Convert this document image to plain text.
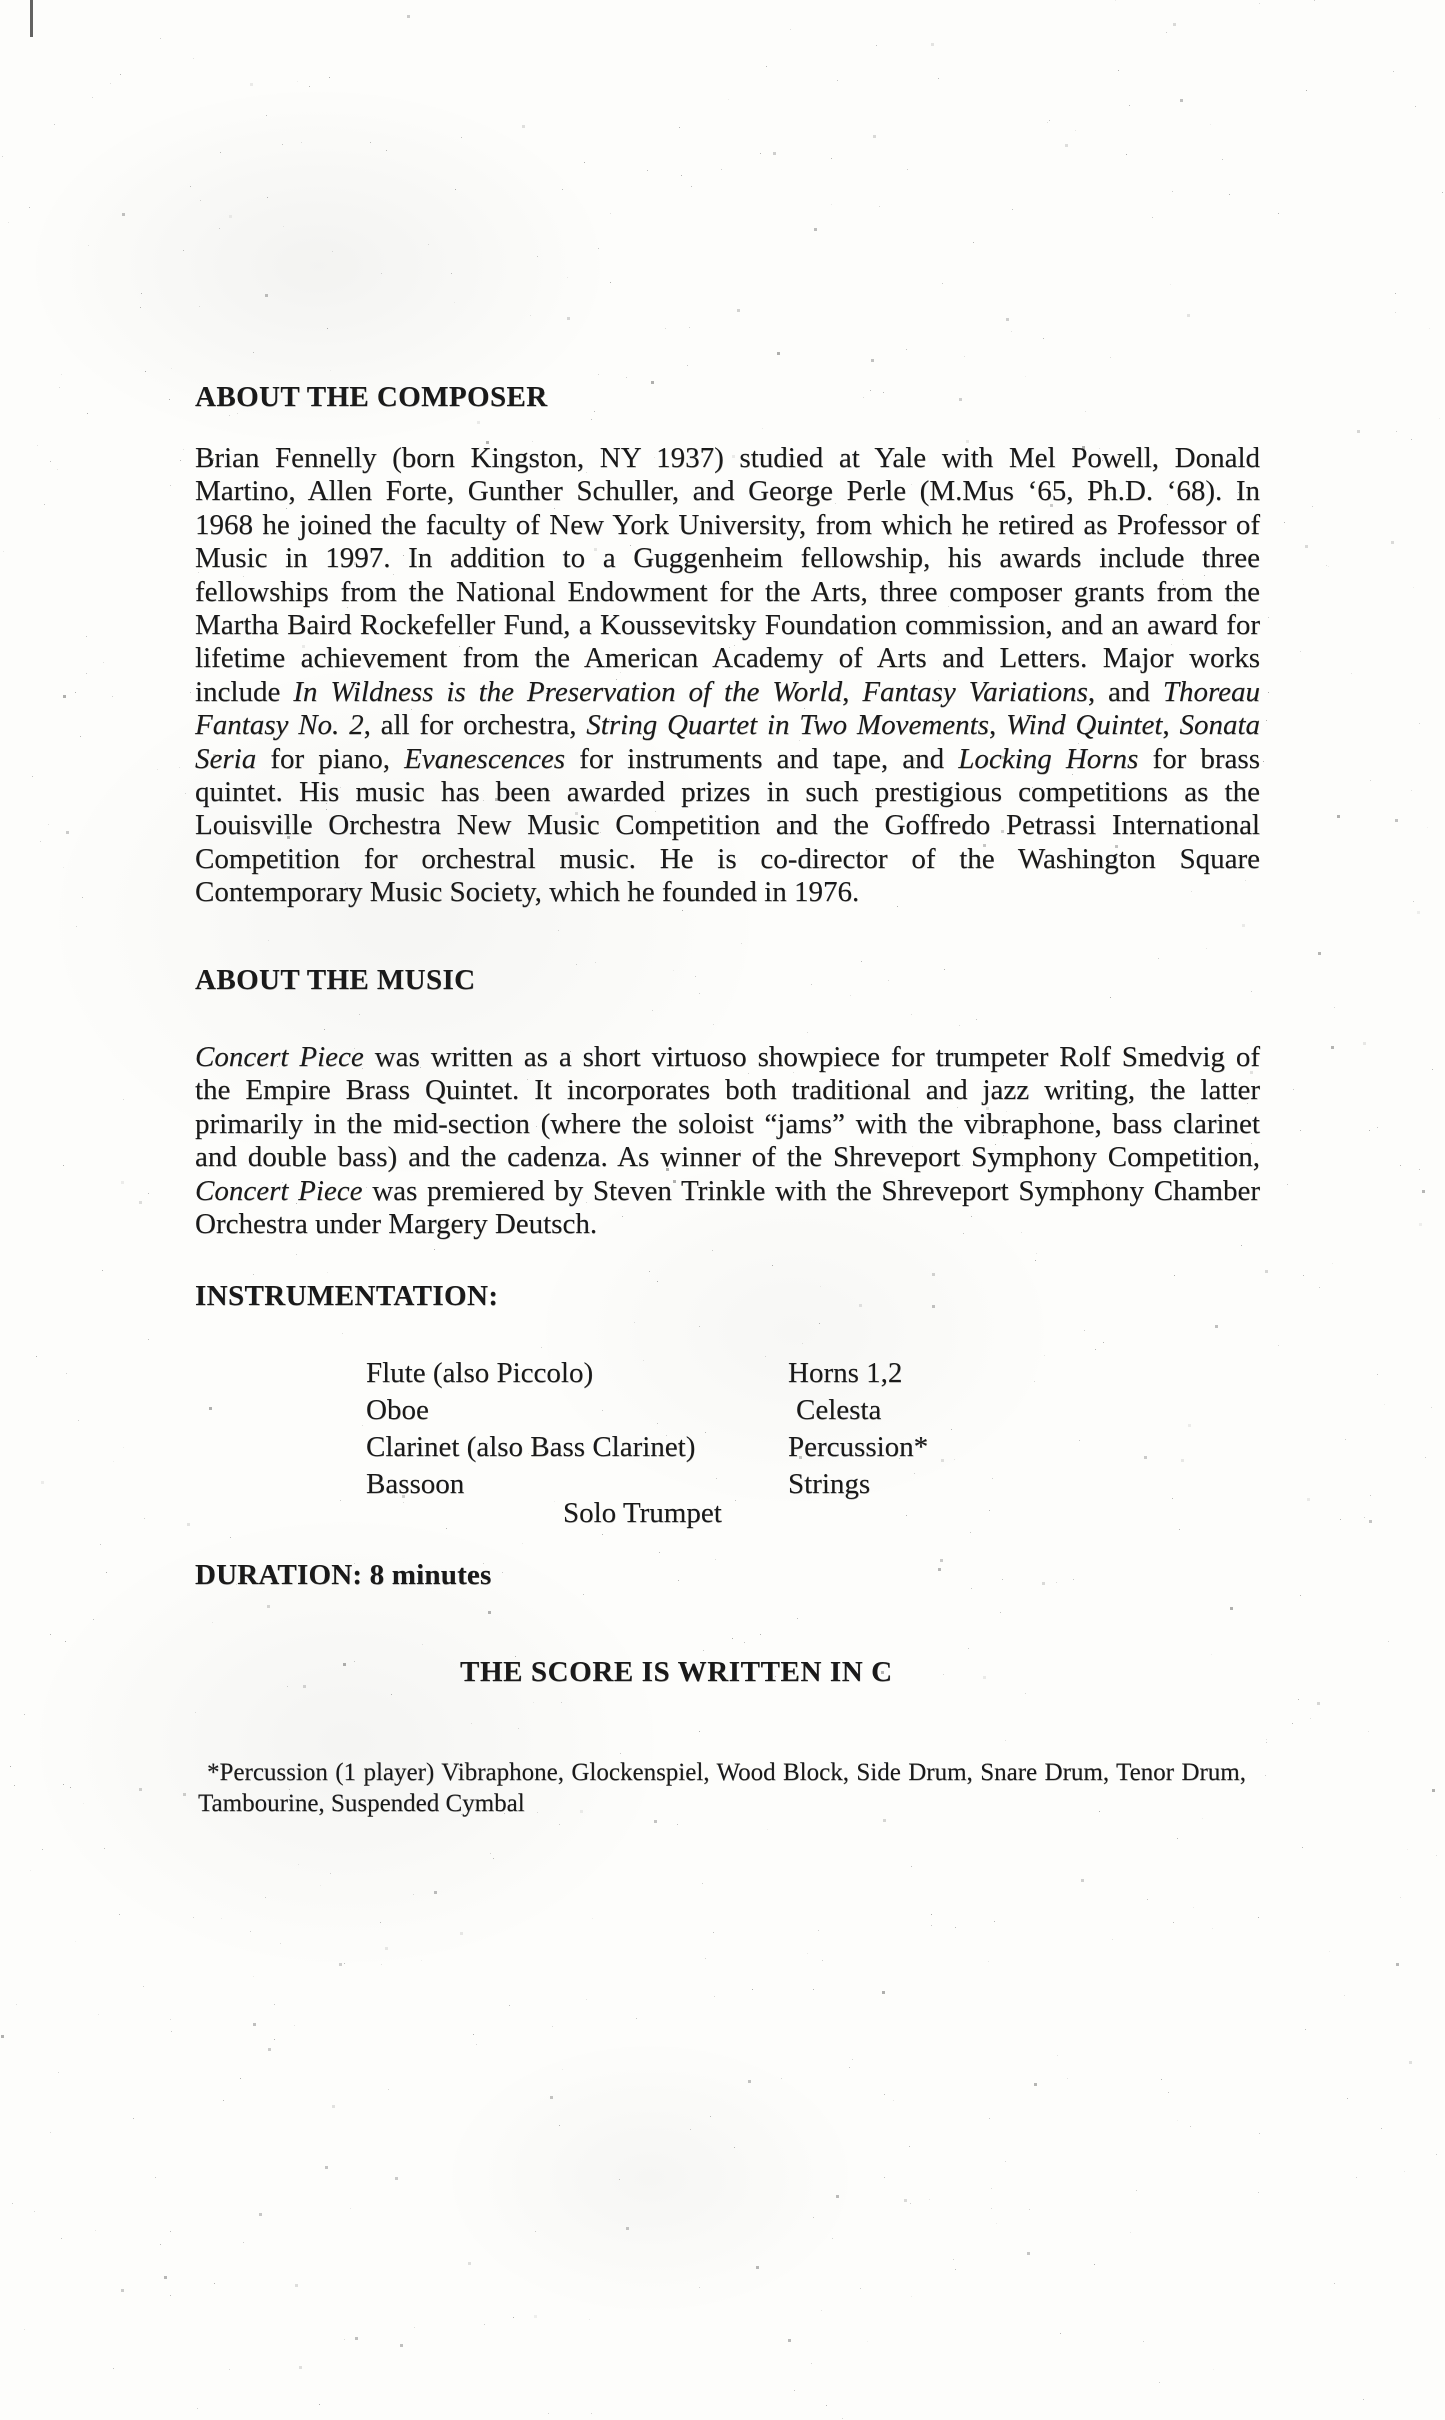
ABOUT THE COMPOSER
Brian Fennelly (born Kingston, NY 1937) studied at Yale with Mel Powell, Donald
Martino, Allen Forte, Gunther Schuller, and George Perle (M.Mus ‘65, Ph.D. ‘68). In
1968 he joined the faculty of New York University, from which he retired as Professor of
Music in 1997. In addition to a Guggenheim fellowship, his awards include three
fellowships from the National Endowment for the Arts, three composer grants from the
Martha Baird Rockefeller Fund, a Koussevitsky Foundation commission, and an award for
lifetime achievement from the American Academy of Arts and Letters. Major works
include In Wildness is the Preservation of the World, Fantasy Variations, and Thoreau
Fantasy No. 2, all for orchestra, String Quartet in Two Movements, Wind Quintet, Sonata
Seria for piano, Evanescences for instruments and tape, and Locking Horns for brass
quintet. His music has been awarded prizes in such prestigious competitions as the
Louisville Orchestra New Music Competition and the Goffredo Petrassi International
Competition for orchestral music. He is co-director of the Washington Square
Contemporary Music Society, which he founded in 1976.
ABOUT THE MUSIC
Concert Piece was written as a short virtuoso showpiece for trumpeter Rolf Smedvig of
the Empire Brass Quintet. It incorporates both traditional and jazz writing, the latter
primarily in the mid-section (where the soloist “jams” with the vibraphone, bass clarinet
and double bass) and the cadenza. As winner of the Shreveport Symphony Competition,
Concert Piece was premiered by Steven Trinkle with the Shreveport Symphony Chamber
Orchestra under Margery Deutsch.
INSTRUMENTATION:
Flute (also Piccolo)
Oboe
Clarinet (also Bass Clarinet)
Bassoon
Horns 1,2
Celesta
Percussion*
Strings
Solo Trumpet
DURATION: 8 minutes
THE SCORE IS WRITTEN IN C
*Percussion (1 player) Vibraphone, Glockenspiel, Wood Block, Side Drum, Snare Drum, Tenor Drum,
Tambourine, Suspended Cymbal
